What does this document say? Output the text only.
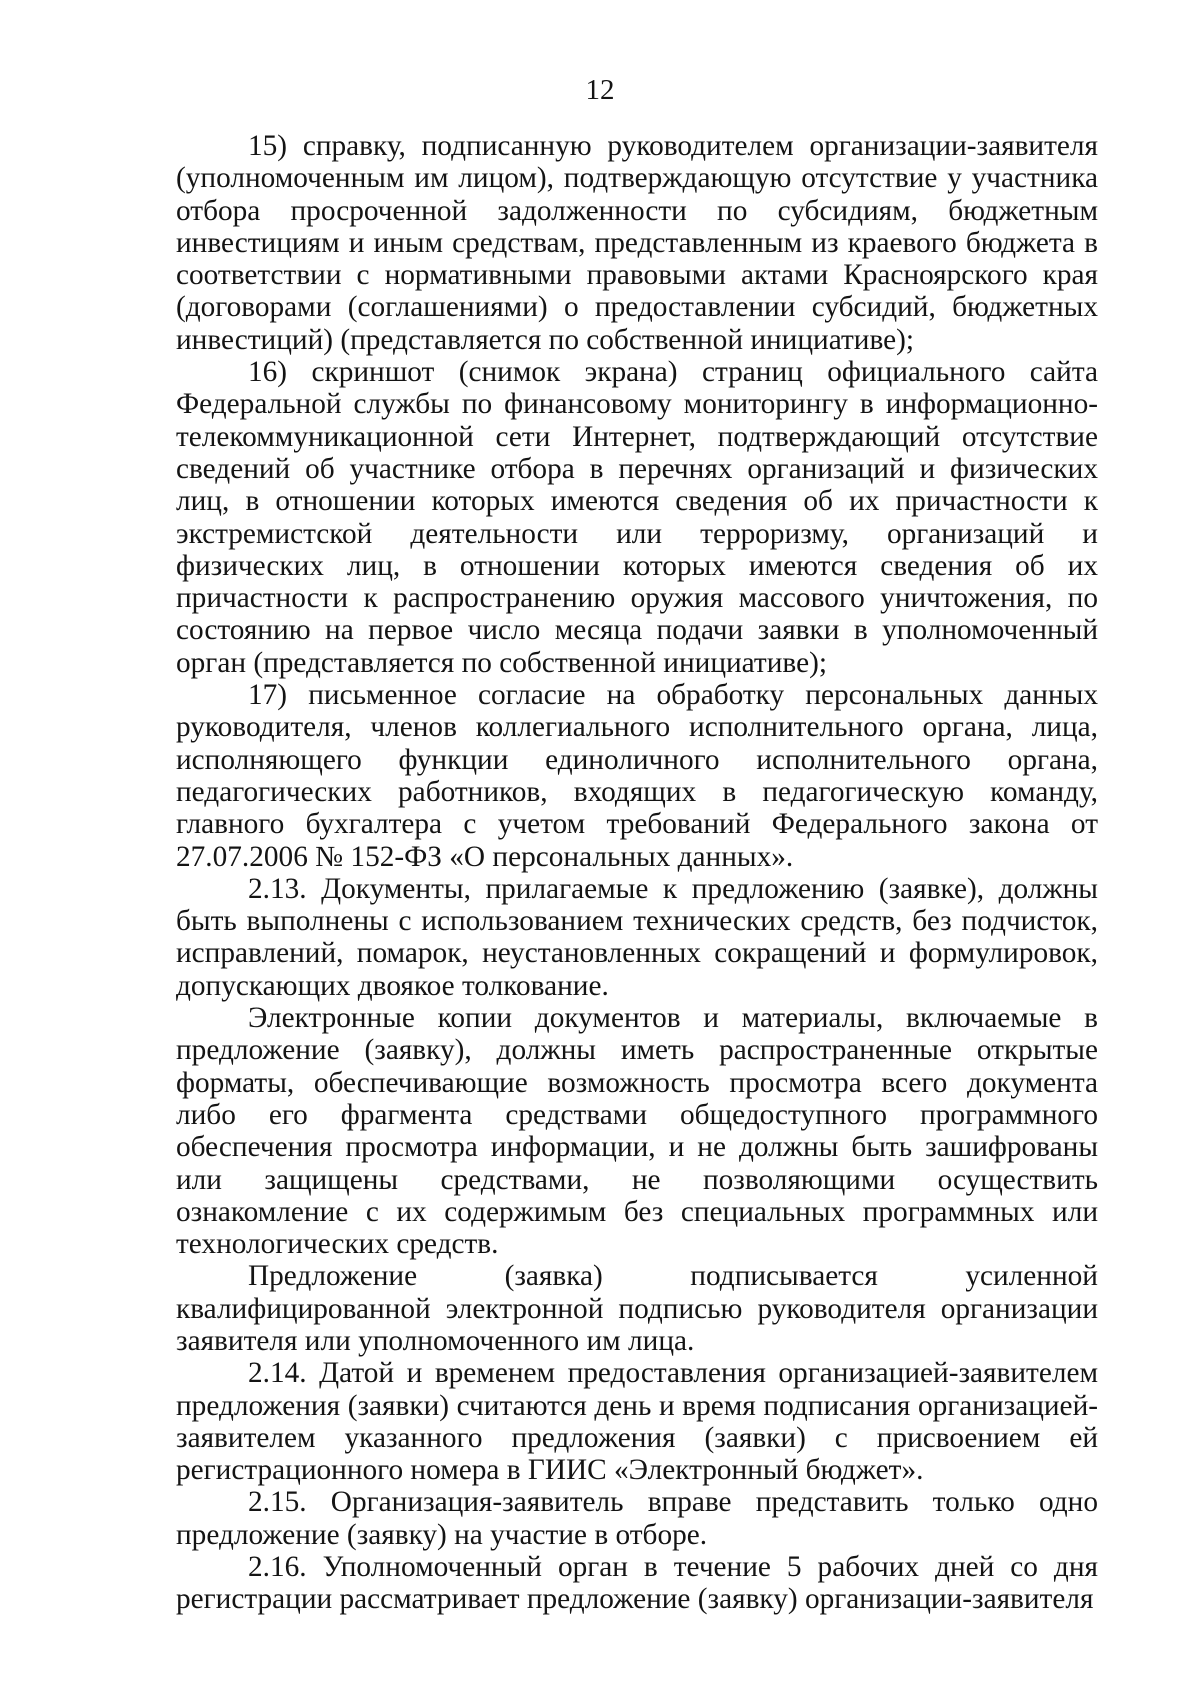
12

15) справку, подписанную руководителем организации-заявителя (уполномоченным им лицом), подтверждающую отсутствие у участника отбора просроченной задолженности по субсидиям, бюджетным инвестициям и иным средствам, представленным из краевого бюджета в соответствии с нормативными правовыми актами Красноярского края (договорами (соглашениями) о предоставлении субсидий, бюджетных инвестиций) (представляется по собственной инициативе);

16) скриншот (снимок экрана) страниц официального сайта Федеральной службы по финансовому мониторингу в информационно-телекоммуникационной сети Интернет, подтверждающий отсутствие сведений об участнике отбора в перечнях организаций и физических лиц, в отношении которых имеются сведения об их причастности к экстремистской деятельности или терроризму, организаций и физических лиц, в отношении которых имеются сведения об их причастности к распространению оружия массового уничтожения, по состоянию на первое число месяца подачи заявки в уполномоченный орган (представляется по собственной инициативе);

17) письменное согласие на обработку персональных данных руководителя, членов коллегиального исполнительного органа, лица, исполняющего функции единоличного исполнительного органа, педагогических работников, входящих в педагогическую команду, главного бухгалтера с учетом требований Федерального закона от 27.07.2006 № 152-ФЗ «О персональных данных».

2.13. Документы, прилагаемые к предложению (заявке), должны быть выполнены с использованием технических средств, без подчисток, исправлений, помарок, неустановленных сокращений и формулировок, допускающих двоякое толкование.

Электронные копии документов и материалы, включаемые в предложение (заявку), должны иметь распространенные открытые форматы, обеспечивающие возможность просмотра всего документа либо его фрагмента средствами общедоступного программного обеспечения просмотра информации, и не должны быть зашифрованы или защищены средствами, не позволяющими осуществить ознакомление с их содержимым без специальных программных или технологических средств.

Предложение (заявка) подписывается усиленной квалифицированной электронной подписью руководителя организации заявителя или уполномоченного им лица.

2.14. Датой и временем предоставления организацией-заявителем предложения (заявки) считаются день и время подписания организацией-заявителем указанного предложения (заявки) с присвоением ей регистрационного номера в ГИИС «Электронный бюджет».

2.15. Организация-заявитель вправе представить только одно предложение (заявку) на участие в отборе.

2.16. Уполномоченный орган в течение 5 рабочих дней со дня регистрации рассматривает предложение (заявку) организации-заявителя
